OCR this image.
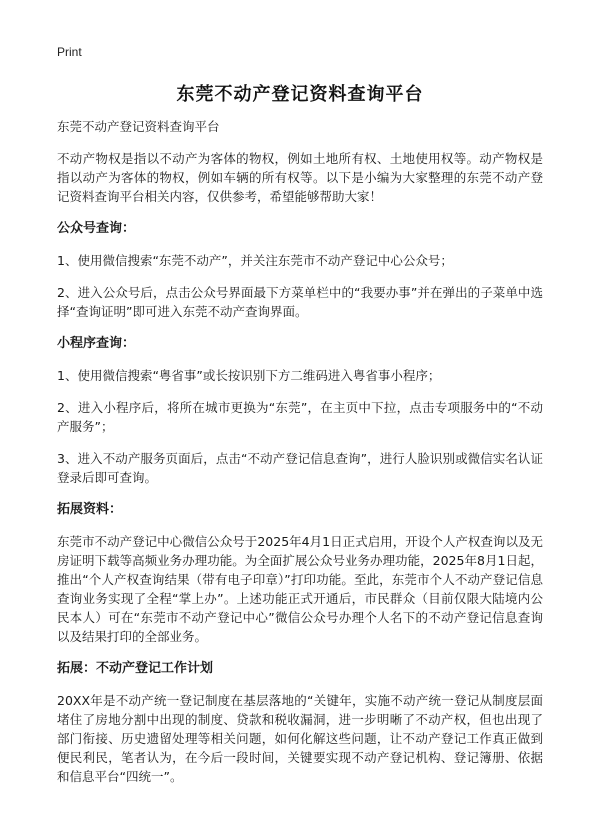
Print
东莞不动产登记资料查询平台

东莞不动产登记资料查询平台

不动产物权是指以不动产为客体的物权，例如土地所有权、土地使用权等。动产物权是指以动产为客体的物权，例如车辆的所有权等。以下是小编为大家整理的东莞不动产登记资料查询平台相关内容，仅供参考，希望能够帮助大家！

公众号查询：

1、使用微信搜索“东莞不动产”，并关注东莞市不动产登记中心公众号；

2、进入公众号后，点击公众号界面最下方菜单栏中的“我要办事”并在弹出的子菜单中选择“查询证明”即可进入东莞不动产查询界面。

小程序查询：

1、使用微信搜索“粤省事”或长按识别下方二维码进入粤省事小程序；

2、进入小程序后，将所在城市更换为“东莞”，在主页中下拉，点击专项服务中的“不动产服务”；

3、进入不动产服务页面后，点击“不动产登记信息查询”，进行人脸识别或微信实名认证登录后即可查询。

拓展资料：

东莞市不动产登记中心微信公众号于2025年4月1日正式启用，开设个人产权查询以及无房证明下载等高频业务办理功能。为全面扩展公众号业务办理功能，2025年8月1日起，推出“个人产权查询结果（带有电子印章）”打印功能。至此，东莞市个人不动产登记信息查询业务实现了全程“掌上办”。上述功能正式开通后，市民群众（目前仅限大陆境内公民本人）可在“东莞市不动产登记中心”微信公众号办理个人名下的不动产登记信息查询以及结果打印的全部业务。

拓展：不动产登记工作计划

20XX年是不动产统一登记制度在基层落地的“关键年，实施不动产统一登记从制度层面堵住了房地分割中出现的制度、贷款和税收漏洞，进一步明晰了不动产权，但也出现了部门衔接、历史遗留处理等相关问题，如何化解这些问题，让不动产登记工作真正做到便民利民，笔者认为，在今后一段时间，关键要实现不动产登记机构、登记簿册、依据和信息平台“四统一”。
